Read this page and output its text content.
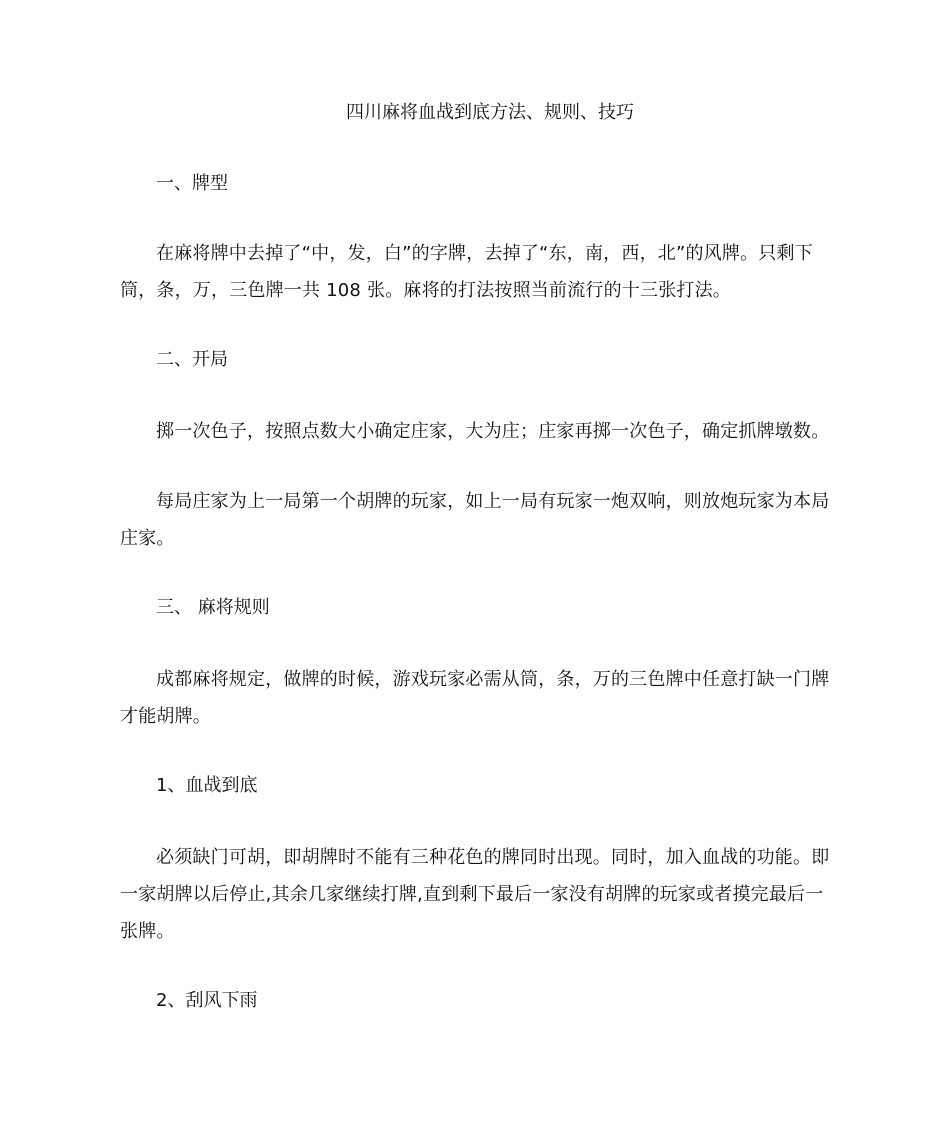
四川麻将血战到底方法、规则、技巧
一、牌型

在麻将牌中去掉了“中，发，白”的字牌，去掉了“东，南，西，北”的风牌。只剩下筒，条，万，三色牌一共 108 张。麻将的打法按照当前流行的十三张打法。

二、开局

掷一次色子，按照点数大小确定庄家，大为庄；庄家再掷一次色子，确定抓牌墩数。

每局庄家为上一局第一个胡牌的玩家，如上一局有玩家一炮双响，则放炮玩家为本局庄家。

三、 麻将规则

成都麻将规定，做牌的时候，游戏玩家必需从筒，条，万的三色牌中任意打缺一门牌才能胡牌。

1、血战到底

必须缺门可胡，即胡牌时不能有三种花色的牌同时出现。同时，加入血战的功能。即一家胡牌以后停止,其余几家继续打牌,直到剩下最后一家没有胡牌的玩家或者摸完最后一张牌。

2、刮风下雨
